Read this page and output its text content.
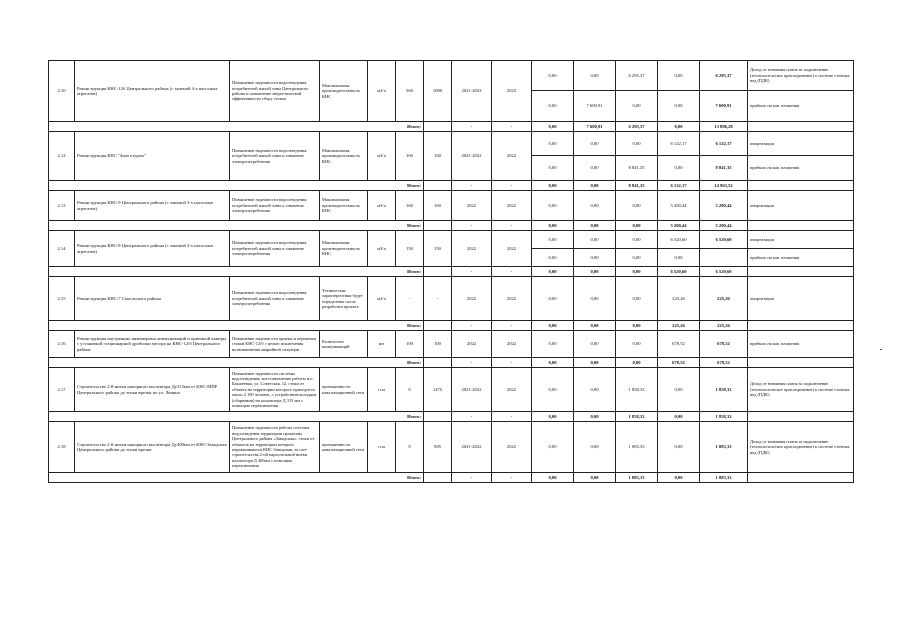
2.10	Реконструкция КНС-12б Центрального района (с заменой 4-х насосных агрегатов)	Повышение надежности водоотведения потребителей жилой зоны Центрального района и повышение энергетической эффективности сбору стоков	Максимальная производительность КНС	м3/ч	560	1000	2021-2023	2023	0,00	0,00	6 295,37	0,00	6 295,37	Доход от взимания платы за подключение (технологическое присоединение) к системе сточных вод (ПДК)
									0,00	7 600,91	0,00	0,00	7 600,91	прибыль на кап. вложения
Итого:							-	-	0,00	7 600,91	6 295,37	0,00	13 896,28	
2.12	Реконструкция КНС "Зона отдыха"	Повышение надежности водоотведения потребителей жилой зоны и снижение электропотребления	Максимальная производительность КНС	м3/ч	160	160	2021-2022	2022	0,00	0,00	0,00	6 122,17	6 122,17	амортизация
									0,00	0,00	8 841,35	0,00	8 841,35	прибыль на кап. вложения
Итого:							-	-	0,00	0,00	8 841,35	6 122,17	14 963,52	
2.13	Реконструкция КНС-9 Центрального района (с заменой 3-х насосных агрегатов)	Повышение надежности водоотведения потребителей жилой зоны и снижение электропотребления	Максимальная производительность КНС	м3/ч	160	160	2022	2022	0,00	0,00	0,00	5 200,44	5 200,44	амортизация
Итого:							-	-	0,00	0,00	0,00	5 200,44	5 200,44	
2.14	Реконструкция КНС-8 Центрального района (с заменой 2-х насосных агрегатов)	Повышение надежности водоотведения потребителей жилой зоны и снижение электропотребления	Максимальная производительность КНС	м3/ч	150	150	2022	2022	0,00	0,00	0,00	6 520,60	6 520,60	амортизация
									0,00	0,00	0,00	0,00		прибыль на кап. вложения
Итого:							-	-	0,00	0,00	0,00	6 520,60	6 520,60	
2.15	Реконструкция КНС-7 Сокольского района	Повышение надежности водоотведения потребителей жилой зоны и снижение электропотребления	Технические характеристики будут определены после разработки проекта	м3/ч	-	-	2022	2022	0,00	0,00	0,00	225,26	225,26	амортизация
Итого:							-	-	0,00	0,00	0,00	225,26	225,26	
2.16	Реконструкция внутренних инженерных коммуникаций и приемной камеры с установкой стационарной дробилки мусора на КНС-12/б Центрального района	Повышение надежности приема и перекачки стоков КНС-12/б с целью исключения возникновения аварийной ситуации	Количество коммуникаций	шт	100	100	2022	2022	0,00	0,00	0,00	678,52	678,52	прибыль на кап. вложения
Итого:							-	-	0,00	0,00	0,00	678,52	678,52	
2.17	Строительство 2-й нитки напорного коллектора Ду315мм от КНС-МПР Центрального района до точки врезки по ул. Ленина	Повышение надежности системы водоотведения, восстановление работы н.п. Бакшеевка, ул. Советская, 12, стоки от объекта на территории которого приходится около 2 100 человек, с устройством колодцев (сборников) на коллекторе Д 315 мм с помощью переключения	протяженность канализационной сети	п.м	0	1475	2021-2022	2022	0,00	0,00	1 858,33	0,00	1 858,33	Доход от взимания платы за подключение (технологическое присоединение) к системе сточных вод (ПДК)
Итого:							-	-	0,00	0,00	1 858,33	0,00	1 858,33	
2.18	Строительство 2-й нитки напорного коллектора Ду400мм от КНС-Заводская Центрального района до точки врезки	Повышение надежности работы системы водоотведения территории промзоны Центрального района «Заводская», стоки от объектов на территории которого перекачиваются КНС-Заводская, за счет строительства 2-ой параллельной нитки коллектора Д 400мм с помощью переключения	протяженность канализационной сети	п.м	0	985	2021-2022	2022	0,00	0,00	1 083,33	0,00	1 083,33	Доход от взимания платы за подключение (технологическое присоединение) к системе сточных вод (ПДК)
Итого:							-	-	0,00	0,00	1 083,33	0,00	1 083,33	
